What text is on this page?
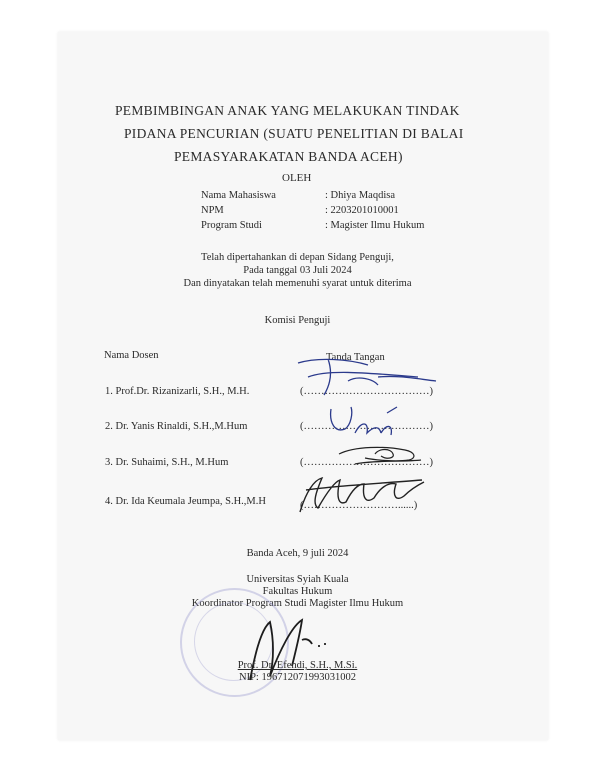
PEMBIMBINGAN ANAK YANG MELAKUKAN TINDAK
PIDANA PENCURIAN (SUATU PENELITIAN DI BALAI
PEMASYARAKATAN BANDA ACEH)
OLEH
Nama Mahasiswa	: Dhiya Maqdisa
NPM	: 2203201010001
Program Studi	: Magister Ilmu Hukum
Telah dipertahankan di depan Sidang Penguji,
Pada tanggal 03 Juli 2024
Dan dinyatakan telah memenuhi syarat untuk diterima
Komisi Penguji
Nama Dosen	Tanda Tangan
1. Prof.Dr. Rizanizarli, S.H., M.H.	(………………………………)
2. Dr. Yanis Rinaldi, S.H.,M.Hum	(………………………………)
3. Dr. Suhaimi, S.H., M.Hum	(………………………………)
4. Dr. Ida Keumala Jeumpa, S.H.,M.H	(………………………......)
Banda Aceh, 9 juli 2024
Universitas Syiah Kuala
Fakultas Hukum
Koordinator Program Studi Magister Ilmu Hukum
Prof. Dr. Efendi, S.H., M.Si.
NIP: 196712071993031002
